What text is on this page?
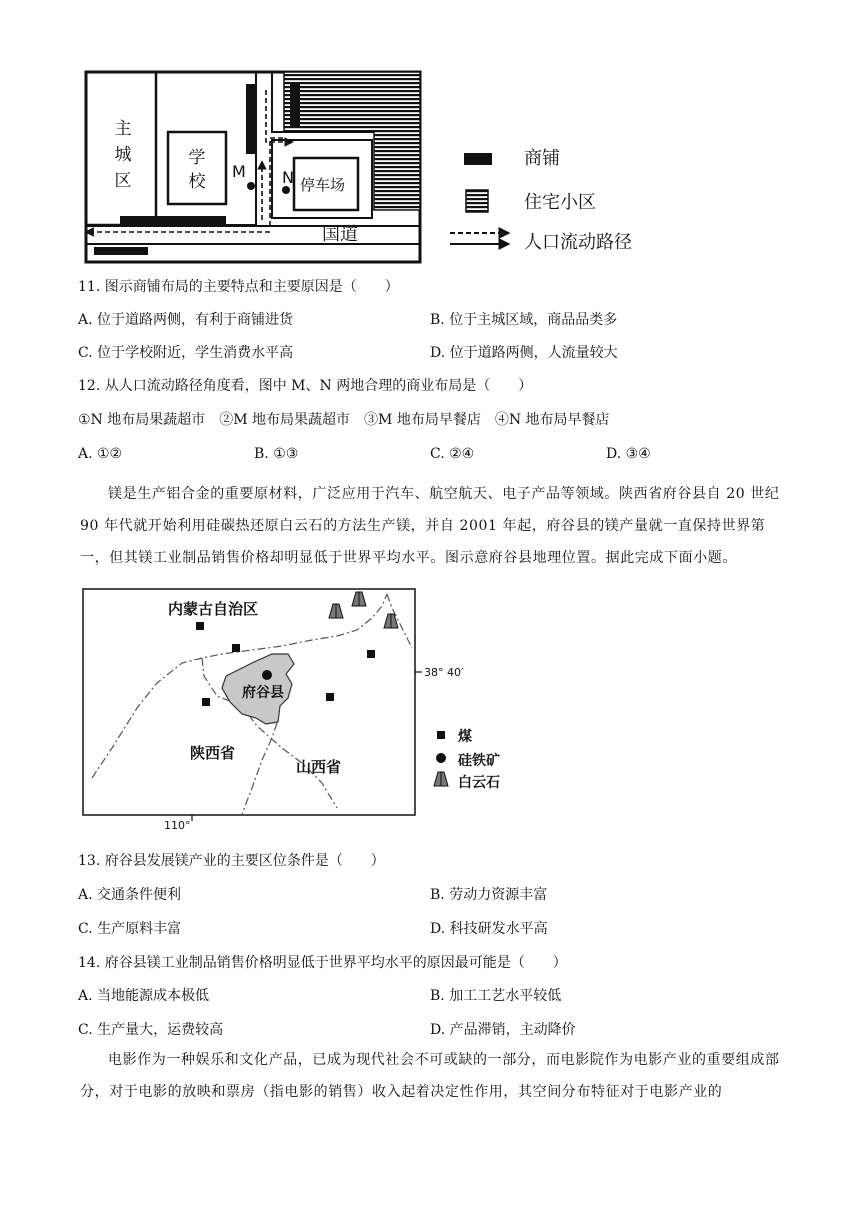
主
城
区
学
校
M N 停车场
国道
商铺
住宅小区
人口流动路径
11. 图示商铺布局的主要特点和主要原因是（　　）
A. 位于道路两侧，有利于商铺进货	B. 位于主城区域，商品品类多
C. 位于学校附近，学生消费水平高	D. 位于道路两侧，人流量较大
12. 从人口流动路径角度看，图中 M、N 两地合理的商业布局是（　　）
①N 地布局果蔬超市　②M 地布局果蔬超市　③M 地布局早餐店　④N 地布局早餐店
A. ①②	B. ①③	C. ②④	D. ③④
镁是生产铝合金的重要原材料，广泛应用于汽车、航空航天、电子产品等领域。陕西省府谷县自 20 世纪 90 年代就开始利用硅碳热还原白云石的方法生产镁，并自 2001 年起，府谷县的镁产量就一直保持世界第一，但其镁工业制品销售价格却明显低于世界平均水平。图示意府谷县地理位置。据此完成下面小题。
内蒙古自治区
府谷县
陕西省
山西省
38° 40′
110°
煤
硅铁矿
白云石
13. 府谷县发展镁产业的主要区位条件是（　　）
A. 交通条件便利	B. 劳动力资源丰富
C. 生产原料丰富	D. 科技研发水平高
14. 府谷县镁工业制品销售价格明显低于世界平均水平的原因最可能是（　　）
A. 当地能源成本极低	B. 加工工艺水平较低
C. 生产量大，运费较高	D. 产品滞销，主动降价
电影作为一种娱乐和文化产品，已成为现代社会不可或缺的一部分，而电影院作为电影产业的重要组成部分，对于电影的放映和票房（指电影的销售）收入起着决定性作用，其空间分布特征对于电影产业的
